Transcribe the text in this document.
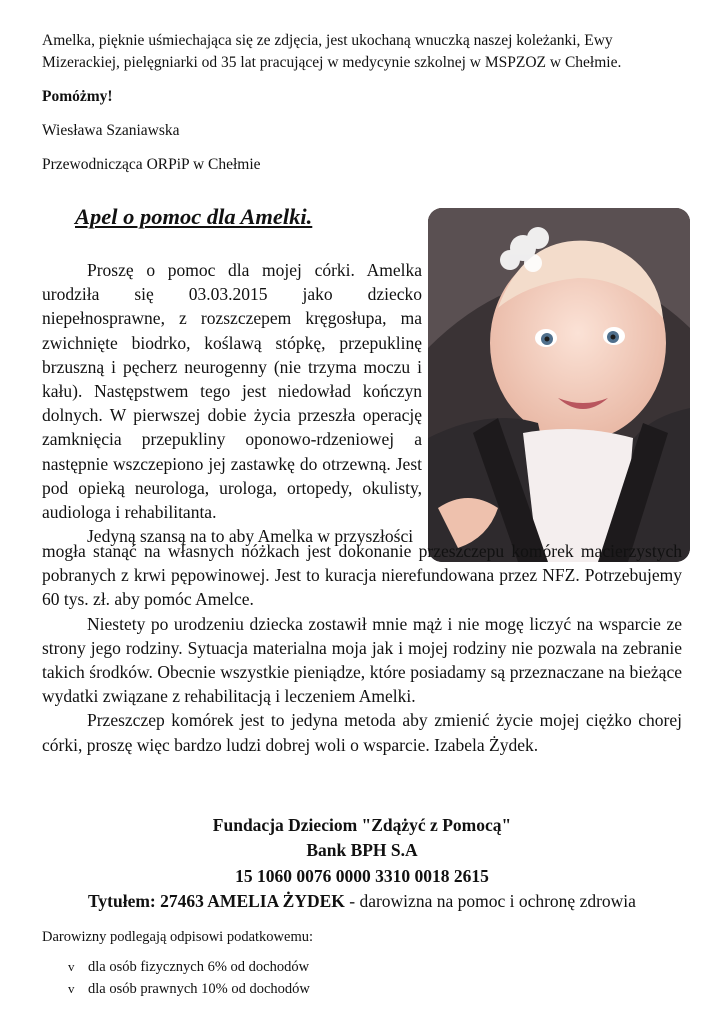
Amelka, pięknie uśmiechająca się ze zdjęcia, jest ukochaną wnuczką naszej koleżanki, Ewy Mizerackiej, pielęgniarki od 35 lat pracującej w medycynie szkolnej w MSPZOZ w Chełmie.

Pomóżmy!

Wiesława Szaniawska

Przewodnicząca ORPiP w Chełmie

Apel o pomoc dla Amelki.

Proszę o pomoc dla mojej córki. Amelka urodziła się 03.03.2015 jako dziecko niepełnosprawne, z rozszczepem kręgosłupa, ma zwichnięte biodrko, koślawą stópkę, przepuklinę brzuszną i pęcherz neurogenny (nie trzyma moczu i kału). Następstwem tego jest niedowład kończyn dolnych. W pierwszej dobie życia przeszła operację zamknięcia przepukliny oponowo-rdzeniowej a następnie wszczepiono jej zastawkę do otrzewną. Jest pod opieką neurologa, urologa, ortopedy, okulisty, audiologa i rehabilitanta.

Jedyną szansą na to aby Amelka w przyszłości

mogła stanąć na własnych nóżkach jest dokonanie przeszczepu komórek macierzystych pobranych z krwi pępowinowej. Jest to kuracja nierefundowana przez NFZ. Potrzebujemy 60 tys. zł. aby pomóc Amelce.

Niestety po urodzeniu dziecka zostawił mnie mąż i nie mogę liczyć na wsparcie ze strony jego rodziny. Sytuacja materialna moja jak i mojej rodziny nie pozwala na zebranie takich środków. Obecnie wszystkie pieniądze, które posiadamy są przeznaczane na bieżące wydatki związane z rehabilitacją i leczeniem Amelki.

Przeszczep komórek jest to jedyna metoda aby zmienić życie mojej ciężko chorej córki, proszę więc bardzo ludzi dobrej woli o wsparcie. Izabela Żydek.

Fundacja Dzieciom "Zdążyć z Pomocą"
Bank BPH S.A
15 1060 0076 0000 3310 0018 2615
Tytułem: 27463 AMELIA ŻYDEK - darowizna na pomoc i ochronę zdrowia
Darowizny podlegają odpisowi podatkowemu:
v dla osób fizycznych 6% od dochodów
v dla osób prawnych 10% od dochodów
